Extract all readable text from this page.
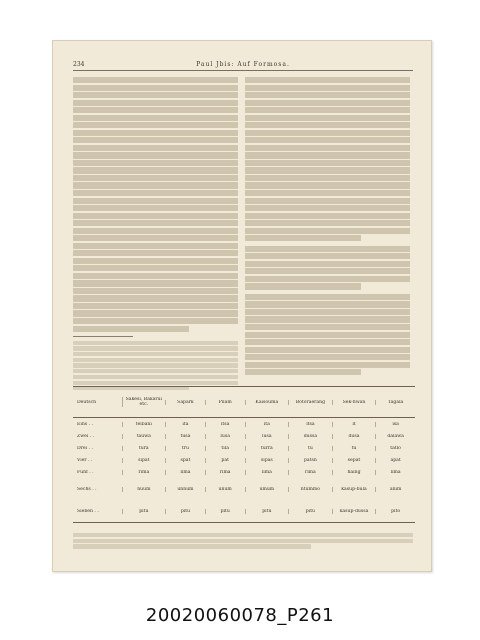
234	Paul Jbis: Auf Formosa.
Deutsch	Sakesi, Bakarui etc.	Sapark	Pilam	Kaisouma	Botoraerang	Sek-hwan	Tagala
Eins . .	teibani	itâ	itsa	itâ	itsa	it	isa
Zwei . .	tauwâ	tusâ	lusa	lusa	dussâ	dusâ	dalâwa
Drei . .	turâ	tru	tilâ	tûrrâ	tû	tu	tatlo
Vier . .	sipat	spat	pat	sipâs	pâtsn	sepat	apat
Fünf . .	rimâ	limâ	rimâ	lima	rimâ	haing	lima
Sechs . .	nuum	ûnnûm	unum	umum	ntûmmo	kasûp-bula	anim
Sieben . .	pitû	pitû	pitû	pitu	pitû	kasûp-dussa	pito
20020060078_P261
